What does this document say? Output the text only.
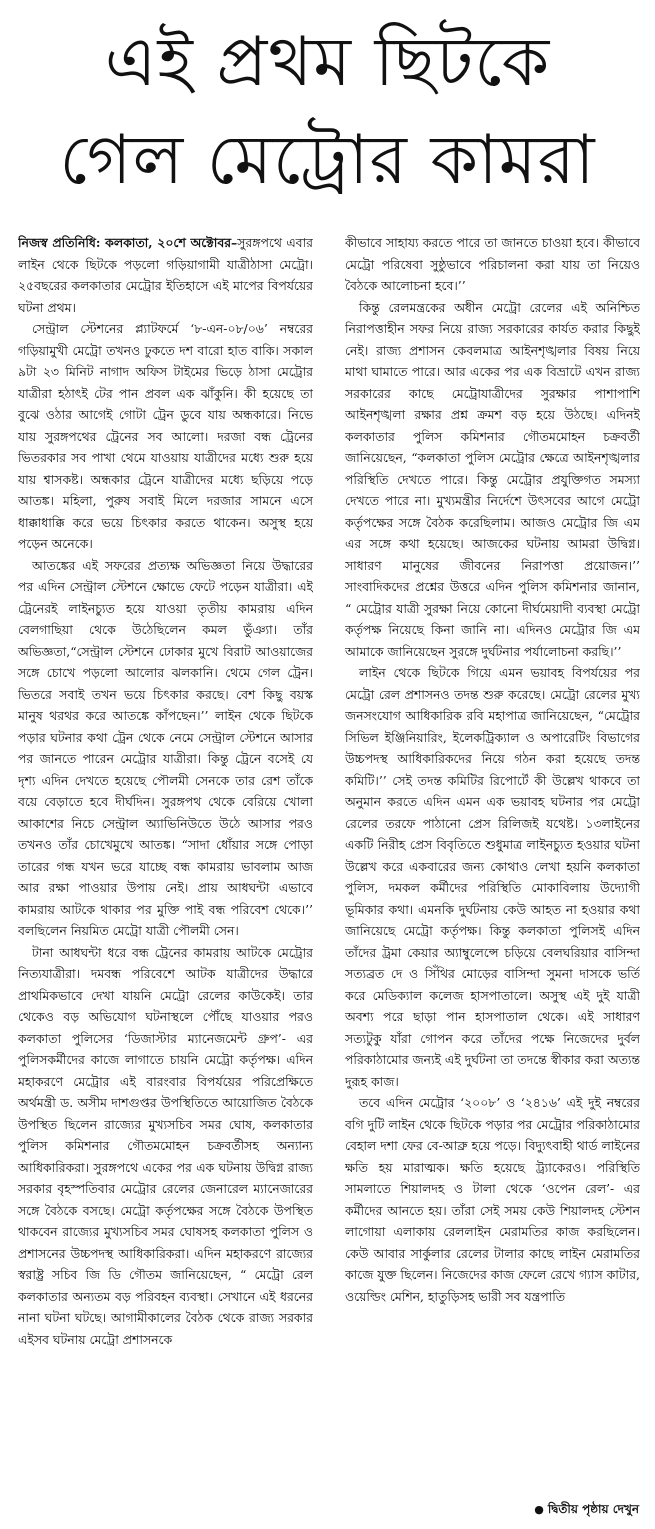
এই প্রথম ছিটকে
গেল মেট্রোর কামরা

নিজস্ব প্রতিনিধি: কলকাতা, ২০শে অক্টোবর–সুরঙ্গপথে এবার লাইন থেকে ছিটকে পড়লো গড়িয়াগামী যাত্রীঠাসা মেট্রো। ২৫বছরের কলকাতার মেট্রোর ইতিহাসে এই মাপের বিপর্যয়ের ঘটনা প্রথম।

সেন্ট্রাল স্টেশনের প্ল্যাটফর্মে ‘৮-এন-০৮/০৬’ নম্বরের গড়িয়ামুখী মেট্রো তখনও ঢুকতে দশ বারো হাত বাকি। সকাল ৯টা ২৩ মিনিট নাগাদ অফিস টাইমের ভিড়ে ঠাসা মেট্রোর যাত্রীরা হঠাৎই টের পান প্রবল এক ঝাঁকুনি। কী হয়েছে তা বুঝে ওঠার আগেই গোটা ট্রেন ডুবে যায় অন্ধকারে। নিভে যায় সুরঙ্গপথের ট্রেনের সব আলো। দরজা বন্ধ ট্রেনের ভিতরকার সব পাখা থেমে যাওয়ায় যাত্রীদের মধ্যে শুরু হয়ে যায় শ্বাসকষ্ট। অন্ধকার ট্রেনে যাত্রীদের মধ্যে ছড়িয়ে পড়ে আতঙ্ক। মহিলা, পুরুষ সবাই মিলে দরজার সামনে এসে ধাক্কাধাক্কি করে ভয়ে চিৎকার করতে থাকেন। অসুস্থ হয়ে পড়েন অনেকে।

আতঙ্কের এই সফরের প্রত্যক্ষ অভিজ্ঞতা নিয়ে উদ্ধারের পর এদিন সেন্ট্রাল স্টেশনে ক্ষোভে ফেটে পড়েন যাত্রীরা। এই ট্রেনেরই লাইনচ্যুত হয়ে যাওয়া তৃতীয় কামরায় এদিন বেলগাছিয়া থেকে উঠেছিলেন কমল ভুঁঞ্যা। তাঁর অভিজ্ঞতা,“সেন্ট্রাল স্টেশনে ঢোকার মুখে বিরাট আওয়াজের সঙ্গে চোখে পড়লো আলোর ঝলকানি। থেমে গেল ট্রেন। ভিতরে সবাই তখন ভয়ে চিৎকার করছে। বেশ কিছু বয়স্ক মানুষ থরথর করে আতঙ্কে কাঁপছেন।’’ লাইন থেকে ছিটকে পড়ার ঘটনার কথা ট্রেন থেকে নেমে সেন্ট্রাল স্টেশনে আসার পর জানতে পারেন মেট্রোর যাত্রীরা। কিন্তু ট্রেনে বসেই যে দৃশ্য এদিন দেখতে হয়েছে পৌলমী সেনকে তার রেশ তাঁকে বয়ে বেড়াতে হবে দীর্ঘদিন। সুরঙ্গপথ থেকে বেরিয়ে খোলা আকাশের নিচে সেন্ট্রাল অ্যাভিনিউতে উঠে আসার পরও তখনও তাঁর চোখেমুখে আতঙ্ক। “সাদা ধোঁয়ার সঙ্গে পোড়া তারের গন্ধ যখন ভরে যাচ্ছে বন্ধ কামরায় ভাবলাম আজ আর রক্ষা পাওয়ার উপায় নেই। প্রায় আধঘন্টা এভাবে কামরায় আটকে থাকার পর মুক্তি পাই বন্ধ পরিবেশ থেকে।’’ বলছিলেন নিয়মিত মেট্রো যাত্রী পৌলমী সেন।

টানা আধঘন্টা ধরে বন্ধ ট্রেনের কামরায় আটকে মেট্রোর নিত্যযাত্রীরা। দমবন্ধ পরিবেশে আটক যাত্রীদের উদ্ধারে প্রাথমিকভাবে দেখা যায়নি মেট্রো রেলের কাউকেই। তার থেকেও বড় অভিযোগ ঘটনাস্থলে পৌঁছে যাওয়ার পরও কলকাতা পুলিসের ‘ডিজাস্টার ম্যানেজমেন্ট গ্রুপ’- এর পুলিসকর্মীদের কাজে লাগাতে চায়নি মেট্রো কর্তৃপক্ষ। এদিন মহাকরণে মেট্রোর এই বারংবার বিপর্যয়ের পরিপ্রেক্ষিতে অর্থমন্ত্রী ড. অসীম দাশগুপ্তর উপস্থিতিতে আয়োজিত বৈঠকে উপস্থিত ছিলেন রাজ্যের মুখ্যসচিব সমর ঘোষ, কলকাতার পুলিস কমিশনার গৌতমমোহন চক্রবর্তীসহ অন্যান্য আধিকারিকরা। সুরঙ্গপথে একের পর এক ঘটনায় উদ্বিগ্ন রাজ্য সরকার বৃহস্পতিবার মেট্রোর রেলের জেনারেল ম্যানেজারের সঙ্গে বৈঠকে বসছে। মেট্রো কর্তৃপক্ষের সঙ্গে বৈঠকে উপস্থিত থাকবেন রাজ্যের মুখ্যসচিব সমর ঘোষসহ কলকাতা পুলিস ও প্রশাসনের উচ্চপদস্থ আধিকারিকরা। এদিন মহাকরণে রাজ্যের স্বরাষ্ট্র সচিব জি ডি গৌতম জানিয়েছেন, “ মেট্রো রেল কলকাতার অন্যতম বড় পরিবহন ব্যবস্থা। সেখানে এই ধরনের নানা ঘটনা ঘটছে। আগামীকালের বৈঠক থেকে রাজ্য সরকার এইসব ঘটনায় মেট্রো প্রশাসনকে

কীভাবে সাহায্য করতে পারে তা জানতে চাওয়া হবে। কীভাবে মেট্রো পরিষেবা সুষ্ঠুভাবে পরিচালনা করা যায় তা নিয়েও বৈঠকে আলোচনা হবে।’’

কিন্তু রেলমন্ত্রকের অধীন মেট্রো রেলের এই অনিশ্চিত নিরাপত্তাহীন সফর নিয়ে রাজ্য সরকারের কার্যত করার কিছুই নেই। রাজ্য প্রশাসন কেবলমাত্র আইনশৃঙ্খলার বিষয় নিয়ে মাথা ঘামাতে পারে। আর একের পর এক বিভ্রাটে এখন রাজ্য সরকারের কাছে মেট্রোযাত্রীদের সুরক্ষার পাশাপাশি আইনশৃঙ্খলা রক্ষার প্রশ্ন ক্রমশ বড় হয়ে উঠছে। এদিনই কলকাতার পুলিস কমিশনার গৌতমমোহন চক্রবর্তী জানিয়েছেন, “কলকাতা পুলিস মেট্রোর ক্ষেত্রে আইনশৃঙ্খলার পরিস্থিতি দেখতে পারে। কিন্তু মেট্রোর প্রযুক্তিগত সমস্যা দেখতে পারে না। মুখ্যমন্ত্রীর নির্দেশে উৎসবের আগে মেট্রো কর্তৃপক্ষের সঙ্গে বৈঠক করেছিলাম। আজও মেট্রোর জি এম এর সঙ্গে কথা হয়েছে। আজকের ঘটনায় আমরা উদ্বিগ্ন। সাধারণ মানুষের জীবনের নিরাপত্তা প্রয়োজন।’’ সাংবাদিকদের প্রশ্নের উত্তরে এদিন পুলিস কমিশনার জানান, “ মেট্রোর যাত্রী সুরক্ষা নিয়ে কোনো দীর্ঘমেয়াদী ব্যবস্থা মেট্রো কর্তৃপক্ষ নিয়েছে কিনা জানি না। এদিনও মেট্রোর জি এম আমাকে জানিয়েছেন সুরঙ্গে দুর্ঘটনার পর্যালোচনা করছি।’’

লাইন থেকে ছিটকে গিয়ে এমন ভয়াবহ বিপর্যয়ের পর মেট্রো রেল প্রশাসনও তদন্ত শুরু করেছে। মেট্রো রেলের মুখ্য জনসংযোগ আধিকারিক রবি মহাপাত্র জানিয়েছেন, “মেট্রোর সিভিল ইঞ্জিনিয়ারিং, ইলেকট্রিক্যাল ও অপারেটিং বিভাগের উচ্চপদস্থ আধিকারিকদের নিয়ে গঠন করা হয়েছে তদন্ত কমিটি।’’ সেই তদন্ত কমিটির রিপোর্টে কী উল্লেখ থাকবে তা অনুমান করতে এদিন এমন এক ভয়াবহ ঘটনার পর মেট্রো রেলের তরফে পাঠানো প্রেস রিলিজই যথেষ্ট। ১৩লাইনের একটি নিরীহ প্রেস বিবৃতিতে শুধুমাত্র লাইনচ্যুত হওয়ার ঘটনা উল্লেখ করে একবারের জন্য কোথাও লেখা হয়নি কলকাতা পুলিস, দমকল কর্মীদের পরিস্থিতি মোকাবিলায় উদ্যোগী ভূমিকার কথা। এমনকি দুর্ঘটনায় কেউ আহত না হওয়ার কথা জানিয়েছে মেট্রো কর্তৃপক্ষ। কিন্তু কলকাতা পুলিসই এদিন তাঁদের ট্রমা কেয়ার অ্যাম্বুলেন্সে চড়িয়ে বেলঘরিয়ার বাসিন্দা সত্যব্রত দে ও সিঁথির মোড়ের বাসিন্দা সুমনা দাসকে ভর্তি করে মেডিক্যাল কলেজ হাসপাতালে। অসুস্থ এই দুই যাত্রী অবশ্য পরে ছাড়া পান হাসপাতাল থেকে। এই সাধারণ সত্যটুকু যাঁরা গোপন করে তাঁদের পক্ষে নিজেদের দুর্বল পরিকাঠামোর জন্যই এই দুর্ঘটনা তা তদন্তে স্বীকার করা অত্যন্ত দুরূহ কাজ।

তবে এদিন মেট্রোর ‘২০০৮’ ও ‘২৪১৬’ এই দুই নম্বরের বগি দুটি লাইন থেকে ছিটকে পড়ার পর মেট্রোর পরিকাঠামোর বেহাল দশা ফের বে-আব্রু হয়ে পড়ে। বিদ্যুৎবাহী থার্ড লাইনের ক্ষতি হয় মারাত্মক। ক্ষতি হয়েছে ট্র্যাকেরও। পরিস্থিতি সামলাতে শিয়ালদহ ও টালা থেকে ‘ওপেন রেল’- এর কর্মীদের আনতে হয়। তাঁরা সেই সময় কেউ শিয়ালদহ স্টেশন লাগোয়া এলাকায় রেললাইন মেরামতির কাজ করছিলেন। কেউ আবার সার্কুলার রেলের টালার কাছে লাইন মেরামতির কাজে যুক্ত ছিলেন। নিজেদের কাজ ফেলে রেখে গ্যাস কাটার, ওয়েল্ডিং মেশিন, হাতুড়িসহ ভারী সব যন্ত্রপাতি

● দ্বিতীয় পৃষ্ঠায় দেখুন
